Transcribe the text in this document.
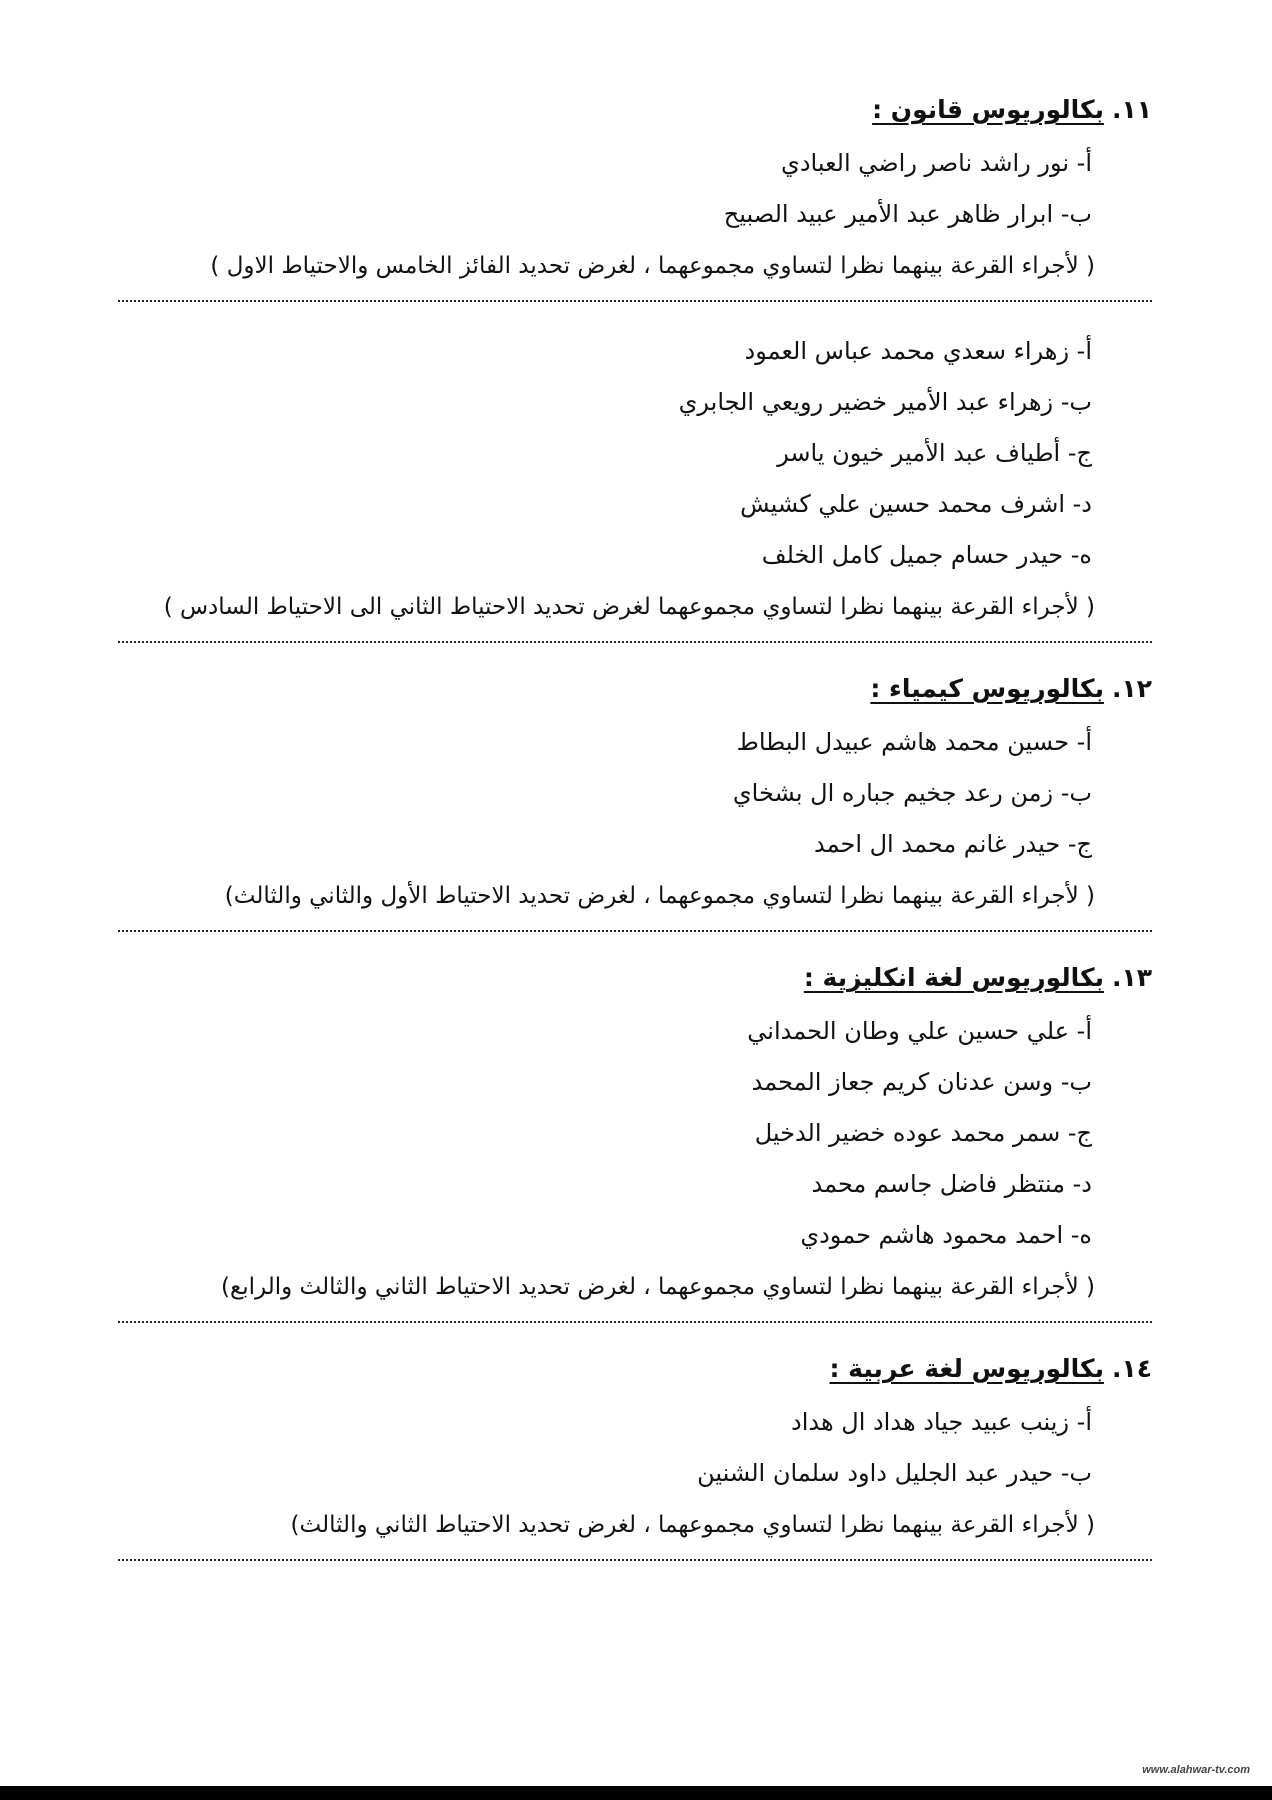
١١.بكالوريوس قانون :
أ- نور راشد ناصر راضي العبادي
ب- ابرار ظاهر عبد الأمير عبيد الصبيح
( لأجراء القرعة بينهما نظرا لتساوي مجموعهما ، لغرض تحديد الفائز الخامس والاحتياط الاول )
أ- زهراء سعدي محمد عباس العمود
ب- زهراء عبد الأمير خضير رويعي الجابري
ج- أطياف عبد الأمير خيون ياسر
د- اشرف محمد حسين علي كشيش
ه- حيدر حسام جميل كامل الخلف
( لأجراء القرعة بينهما نظرا لتساوي مجموعهما لغرض تحديد الاحتياط الثاني الى الاحتياط السادس )
١٢.بكالوريوس كيمياء :
أ- حسين محمد هاشم عبيدل البطاط
ب- زمن رعد جخيم جباره ال بشخاي
ج- حيدر غانم محمد ال احمد
( لأجراء القرعة بينهما نظرا لتساوي مجموعهما ، لغرض تحديد الاحتياط الأول والثاني والثالث)
١٣.بكالوريوس لغة انكليزية :
أ- علي حسين علي وطان الحمداني
ب- وسن عدنان كريم جعاز المحمد
ج- سمر محمد عوده خضير الدخيل
د- منتظر فاضل جاسم محمد
ه- احمد محمود هاشم حمودي
( لأجراء القرعة بينهما نظرا لتساوي مجموعهما ، لغرض تحديد الاحتياط الثاني والثالث والرابع)
١٤.بكالوريوس لغة عربية :
أ- زينب عبيد جياد هداد ال هداد
ب- حيدر عبد الجليل داود سلمان الشنين
( لأجراء القرعة بينهما نظرا لتساوي مجموعهما ، لغرض تحديد الاحتياط الثاني والثالث)
www.alahwar-tv.com
